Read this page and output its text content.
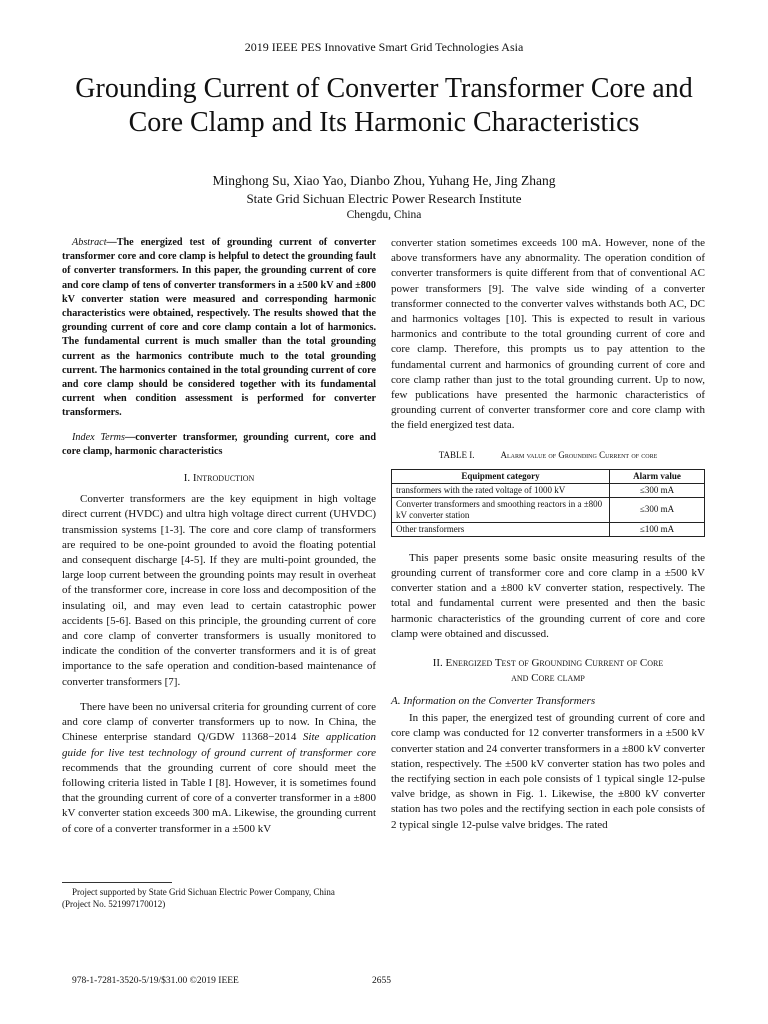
2019 IEEE PES Innovative Smart Grid Technologies Asia
Grounding Current of Converter Transformer Core and
Core Clamp and Its Harmonic Characteristics
Minghong Su, Xiao Yao, Dianbo Zhou, Yuhang He, Jing Zhang
State Grid Sichuan Electric Power Research Institute
Chengdu, China

Abstract—The energized test of grounding current of converter transformer core and core clamp is helpful to detect the grounding fault of converter transformers. In this paper, the grounding current of core and core clamp of tens of converter transformers in a ±500 kV and ±800 kV converter station were measured and corresponding harmonic characteristics were obtained, respectively. The results showed that the grounding current of core and core clamp contain a lot of harmonics. The fundamental current is much smaller than the total grounding current as the harmonics contribute much to the total grounding current. The harmonics contained in the total grounding current of core and core clamp should be considered together with its fundamental current when condition assessment is performed for converter transformers.

Index Terms—converter transformer, grounding current, core and core clamp, harmonic characteristics

I. Introduction

Converter transformers are the key equipment in high voltage direct current (HVDC) and ultra high voltage direct current (UHVDC) transmission systems [1-3]. The core and core clamp of transformers are required to be one-point grounded to avoid the floating potential and consequent discharge [4-5]. If they are multi-point grounded, the large loop current between the grounding points may result in overheat of the transformer core, increase in core loss and decomposition of the insulating oil, and may even lead to certain catastrophic power accidents [5-6]. Based on this principle, the grounding current of core and core clamp of converter transformers is usually monitored to indicate the condition of the converter transformers and it is of great importance to the safe operation and condition-based maintenance of converter transformers [7].

There have been no universal criteria for grounding current of core and core clamp of converter transformers up to now. In China, the Chinese enterprise standard Q/GDW 11368−2014 Site application guide for live test technology of ground current of transformer core recommends that the grounding current of core should meet the following criteria listed in Table I [8]. However, it is sometimes found that the grounding current of core of a converter transformer in a ±800 kV converter station exceeds 300 mA. Likewise, the grounding current of core of a converter transformer in a ±500 kV

converter station sometimes exceeds 100 mA. However, none of the above transformers have any abnormality. The operation condition of converter transformers is quite different from that of conventional AC power transformers [9]. The valve side winding of a converter transformer connected to the converter valves withstands both AC, DC and harmonics voltages [10]. This is expected to result in various harmonics and contribute to the total grounding current of core and core clamp. Therefore, this prompts us to pay attention to the fundamental current and harmonics of grounding current of core and core clamp rather than just to the total grounding current. Up to now, few publications have presented the harmonic characteristics of grounding current of converter transformer core and core clamp with the field energized test data.

TABLE I.	Alarm value of Grounding Current of core
Equipment category	Alarm value
transformers with the rated voltage of 1000 kV	≤300 mA
Converter transformers and smoothing reactors in a ±800 kV converter station	≤300 mA
Other transformers	≤100 mA

This paper presents some basic onsite measuring results of the grounding current of transformer core and core clamp in a ±500 kV converter station and a ±800 kV converter station, respectively. The total and fundamental current were presented and then the basic harmonic characteristics of the grounding current of core and core clamp were obtained and discussed.

II. Energized Test of Grounding Current of Core
and Core clamp
A. Information on the Converter Transformers

In this paper, the energized test of grounding current of core and core clamp was conducted for 12 converter transformers in a ±500 kV converter station and 24 converter transformers in a ±800 kV converter station, respectively. The ±500 kV converter station has two poles and the rectifying section in each pole consists of 1 typical single 12-pulse valve bridge, as shown in Fig. 1. Likewise, the ±800 kV converter station has two poles and the rectifying section in each pole consists of 2 typical single 12-pulse valve bridges. The rated

Project supported by State Grid Sichuan Electric Power Company, China
(Project No. 521997170012)
978-1-7281-3520-5/19/$31.00 ©2019 IEEE	2655
